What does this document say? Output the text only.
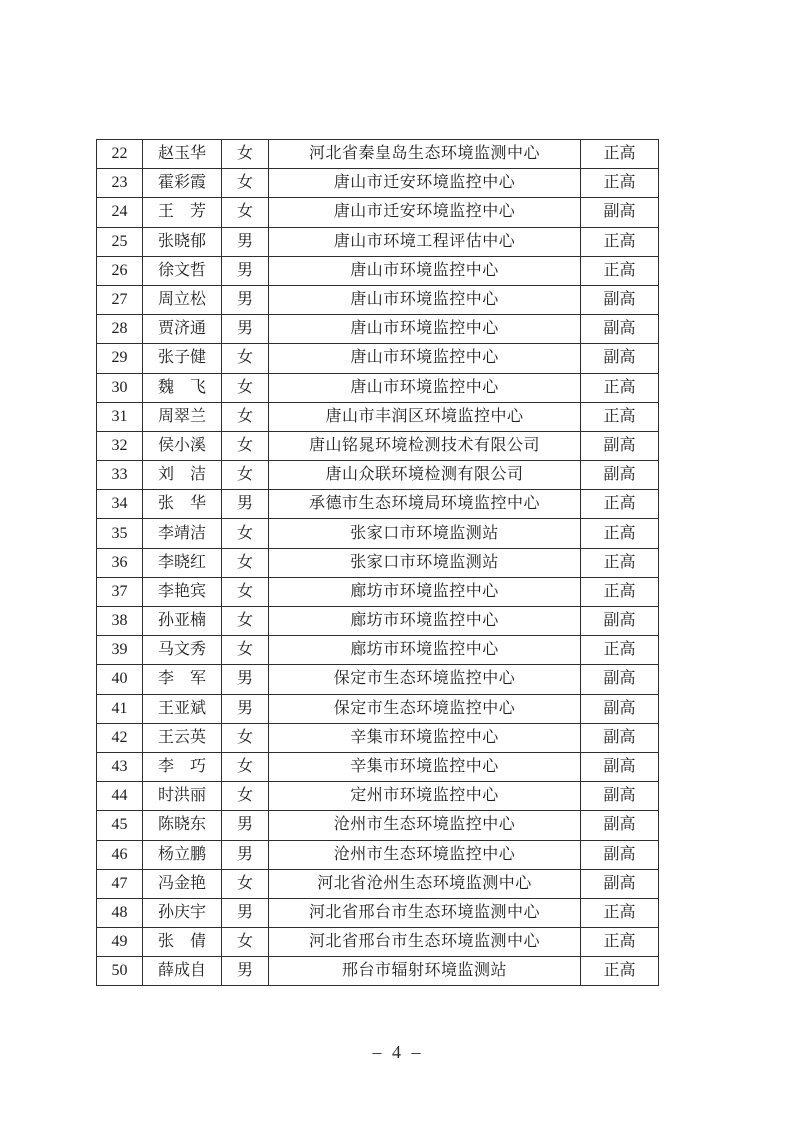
22	赵玉华	女	河北省秦皇岛生态环境监测中心	正高
23	霍彩霞	女	唐山市迁安环境监控中心	正高
24	王　芳	女	唐山市迁安环境监控中心	副高
25	张晓郁	男	唐山市环境工程评估中心	正高
26	徐文哲	男	唐山市环境监控中心	正高
27	周立松	男	唐山市环境监控中心	副高
28	贾济通	男	唐山市环境监控中心	副高
29	张子健	女	唐山市环境监控中心	副高
30	魏　飞	女	唐山市环境监控中心	正高
31	周翠兰	女	唐山市丰润区环境监控中心	正高
32	侯小溪	女	唐山铭晁环境检测技术有限公司	副高
33	刘　洁	女	唐山众联环境检测有限公司	副高
34	张　华	男	承德市生态环境局环境监控中心	正高
35	李靖洁	女	张家口市环境监测站	正高
36	李晓红	女	张家口市环境监测站	正高
37	李艳宾	女	廊坊市环境监控中心	正高
38	孙亚楠	女	廊坊市环境监控中心	副高
39	马文秀	女	廊坊市环境监控中心	正高
40	李　军	男	保定市生态环境监控中心	副高
41	王亚斌	男	保定市生态环境监控中心	副高
42	王云英	女	辛集市环境监控中心	副高
43	李　巧	女	辛集市环境监控中心	副高
44	时洪丽	女	定州市环境监控中心	副高
45	陈晓东	男	沧州市生态环境监控中心	副高
46	杨立鹏	男	沧州市生态环境监控中心	副高
47	冯金艳	女	河北省沧州生态环境监测中心	副高
48	孙庆宇	男	河北省邢台市生态环境监测中心	正高
49	张　倩	女	河北省邢台市生态环境监测中心	正高
50	薛成自	男	邢台市辐射环境监测站	正高
– 4 –
